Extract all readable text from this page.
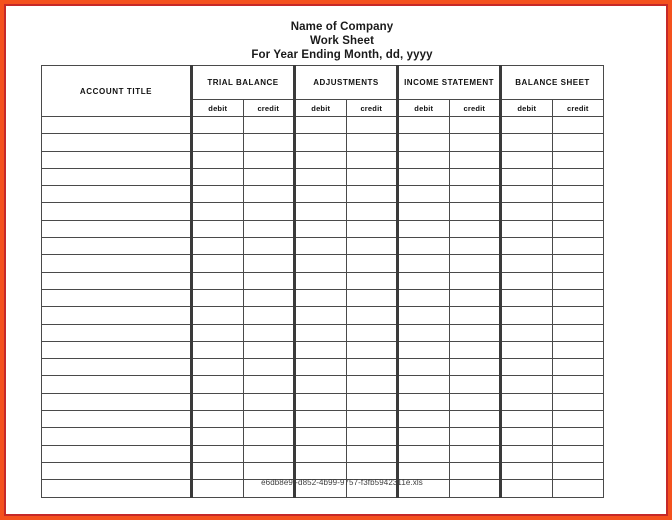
Name of Company
Work Sheet
For Year Ending Month, dd, yyyy
ACCOUNT TITLE	TRIAL BALANCE		ADJUSTMENTS		INCOME STATEMENT		BALANCE SHEET	
	debit	credit	debit	credit	debit	credit	debit	credit

e6db8e9f-d852-4b99-9757-f3fb5942311e.xls
